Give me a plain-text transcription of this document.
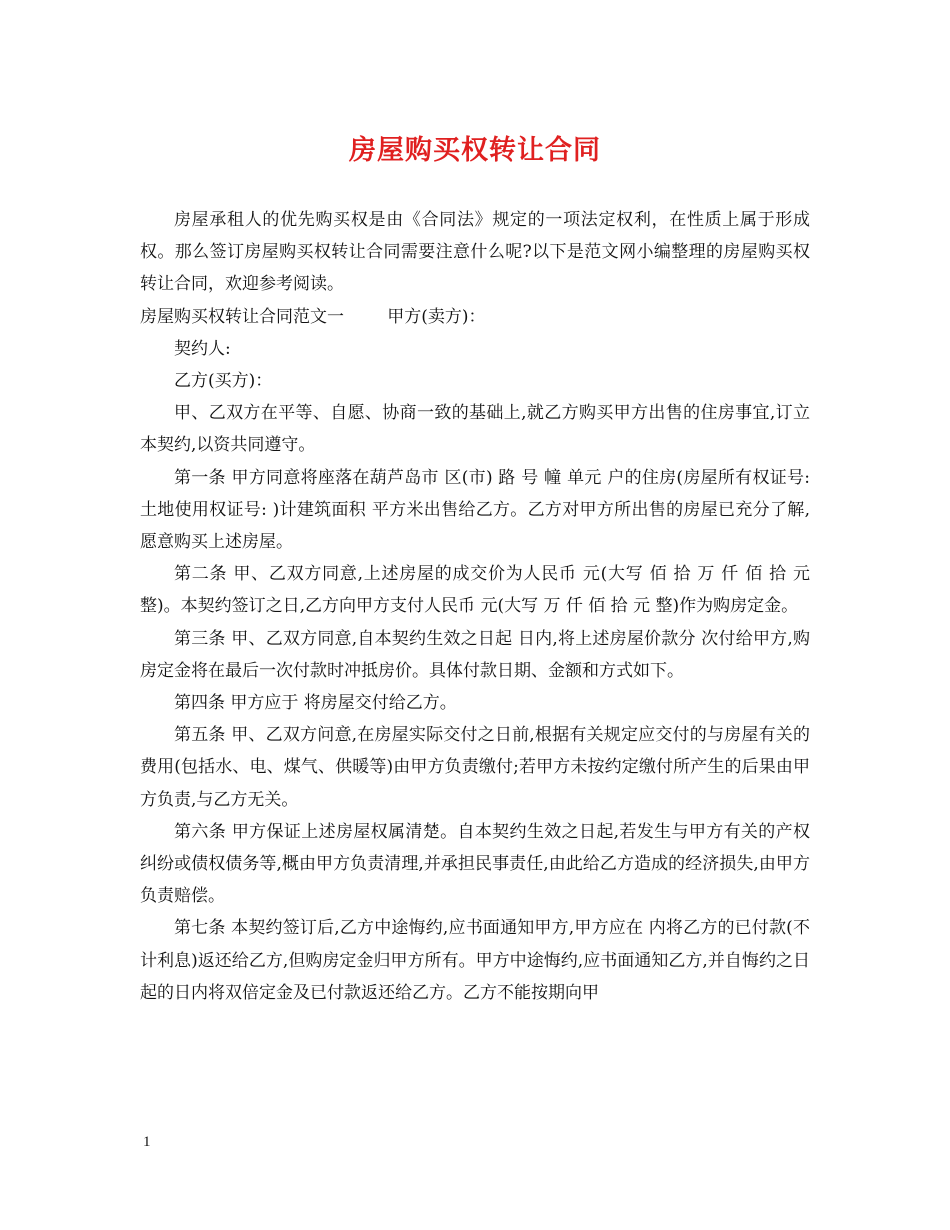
房屋购买权转让合同

房屋承租人的优先购买权是由《合同法》规定的一项法定权利，在性质上属于形成权。那么签订房屋购买权转让合同需要注意什么呢?以下是范文网小编整理的房屋购买权转让合同，欢迎参考阅读。

房屋购买权转让合同范文一        甲方(卖方)：

契约人:

乙方(买方)：

甲、乙双方在平等、自愿、协商一致的基础上,就乙方购买甲方出售的住房事宜,订立本契约,以资共同遵守。

第一条 甲方同意将座落在葫芦岛市 区(市) 路 号 幢 单元 户的住房(房屋所有权证号: 土地使用权证号: )计建筑面积 平方米出售给乙方。乙方对甲方所出售的房屋已充分了解,愿意购买上述房屋。

第二条 甲、乙双方同意,上述房屋的成交价为人民币 元(大写 佰 拾 万 仟 佰 拾 元 整)。本契约签订之日,乙方向甲方支付人民币 元(大写 万 仟 佰 拾 元 整)作为购房定金。

第三条 甲、乙双方同意,自本契约生效之日起 日内,将上述房屋价款分 次付给甲方,购房定金将在最后一次付款时冲抵房价。具体付款日期、金额和方式如下。

第四条 甲方应于 将房屋交付给乙方。

第五条 甲、乙双方问意,在房屋实际交付之日前,根据有关规定应交付的与房屋有关的费用(包括水、电、煤气、供暖等)由甲方负责缴付;若甲方未按约定缴付所产生的后果由甲方负责,与乙方无关。

第六条 甲方保证上述房屋权属清楚。自本契约生效之日起,若发生与甲方有关的产权纠纷或债权债务等,概由甲方负责清理,并承担民事责任,由此给乙方造成的经济损失,由甲方负责赔偿。

第七条 本契约签订后,乙方中途悔约,应书面通知甲方,甲方应在 内将乙方的已付款(不计利息)返还给乙方,但购房定金归甲方所有。甲方中途悔约,应书面通知乙方,并自悔约之日起的日内将双倍定金及已付款返还给乙方。乙方不能按期向甲

1
